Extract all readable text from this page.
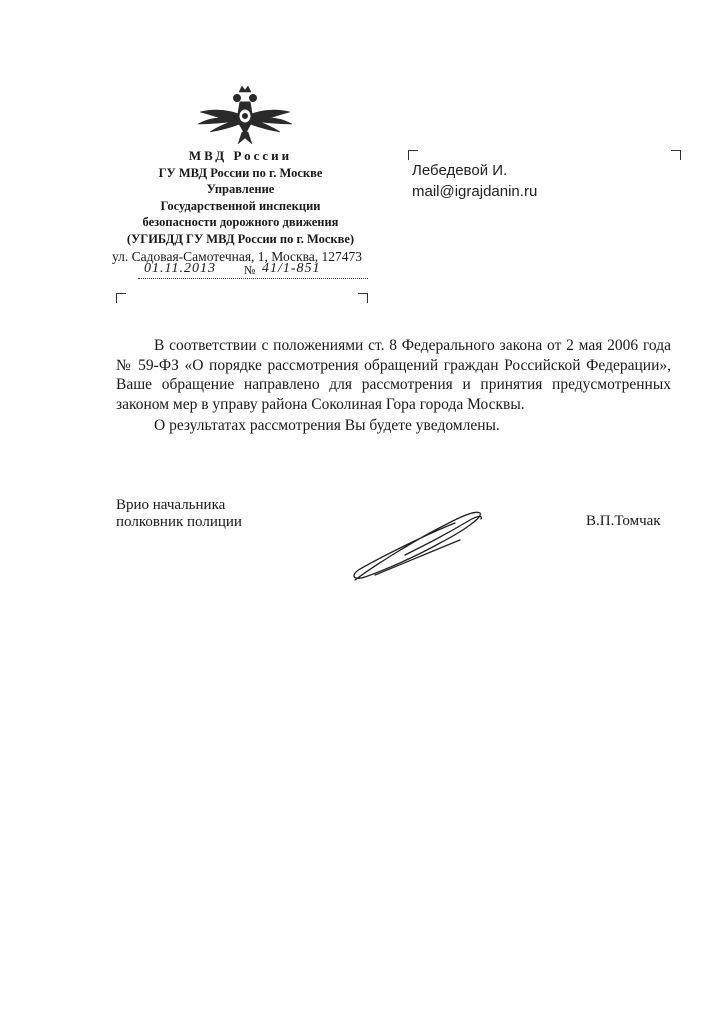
МВД России
ГУ МВД России по г. Москве
Управление
Государственной инспекции
безопасности дорожного движения
(УГИБДД ГУ МВД России по г. Москве)
ул. Садовая-Самотечная, 1, Москва, 127473
01.11.2013 № 41/1-851
Лебедевой И.
mail@igrajdanin.ru

В соответствии с положениями ст. 8 Федерального закона от 2 мая 2006 года № 59-ФЗ «О порядке рассмотрения обращений граждан Российской Федерации», Ваше обращение направлено для рассмотрения и принятия предусмотренных законом мер в управу района Соколиная Гора города Москвы.

О результатах рассмотрения Вы будете уведомлены.

Врио начальника
полковник полиции	В.П.Томчак
